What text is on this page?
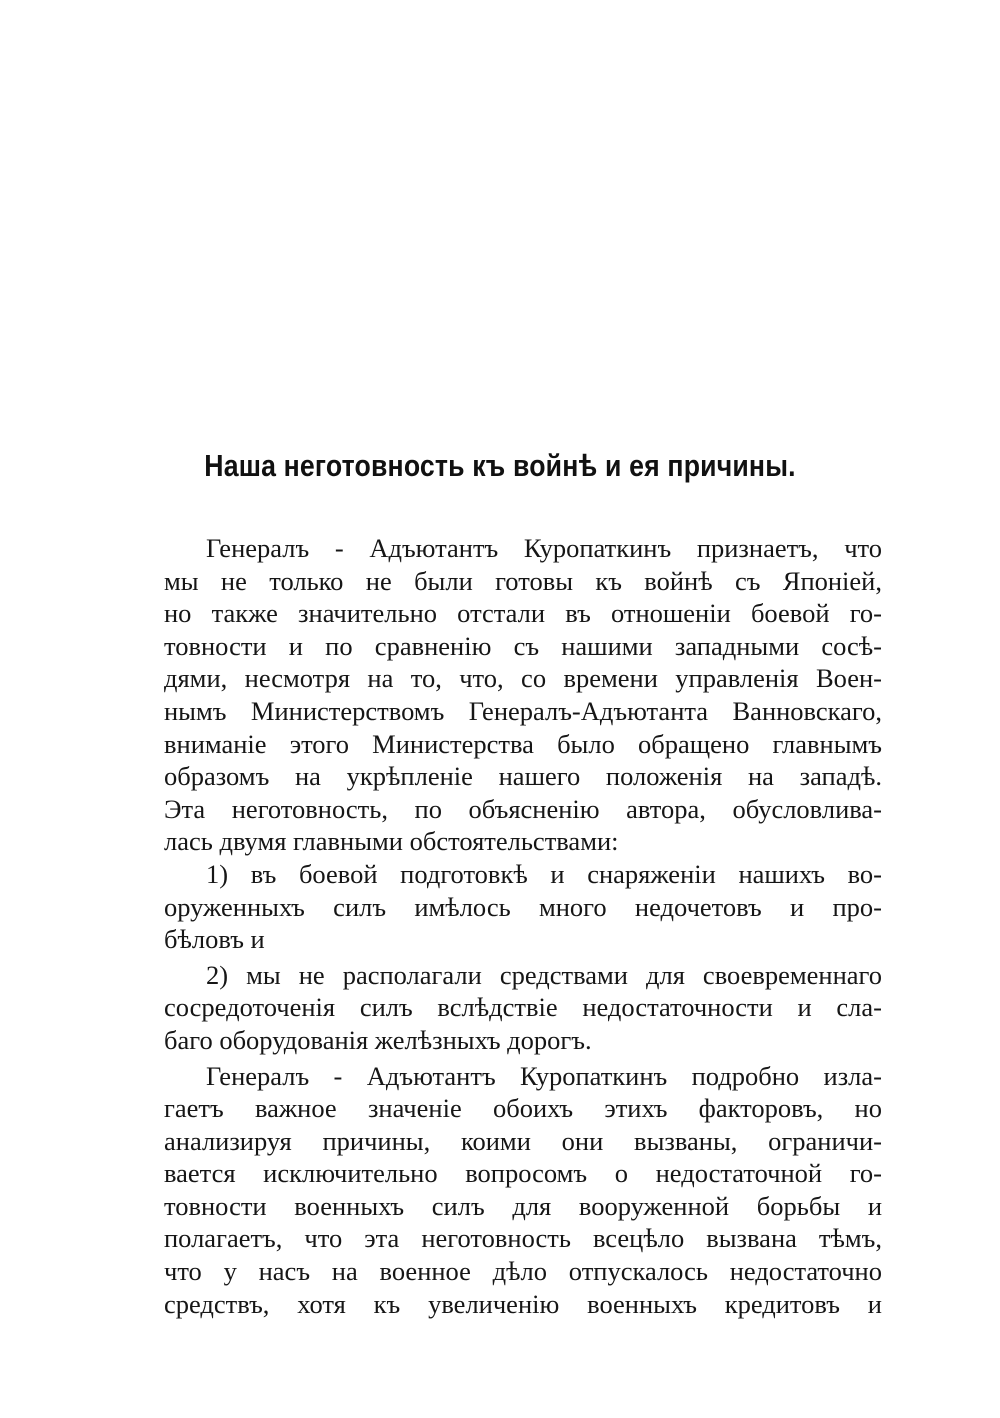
Наша неготовность къ войнѣ и ея причины.
Генералъ - Адъютантъ Куропаткинъ признаетъ, что
мы не только не были готовы къ войнѣ съ Японіей,
но также значительно отстали въ отношеніи боевой го-
товности и по сравненію съ нашими западными сосѣ-
дями, несмотря на то, что, со времени управленія Воен-
нымъ Министерствомъ Генералъ-Адъютанта Ванновскаго,
вниманіе этого Министерства было обращено главнымъ
образомъ на укрѣпленіе нашего положенія на западѣ.
Эта неготовность, по объясненію автора, обусловлива-
лась двумя главными обстоятельствами:
1) въ боевой подготовкѣ и снаряженіи нашихъ во-
оруженныхъ силъ имѣлось много недочетовъ и про-
бѣловъ и
2) мы не располагали средствами для своевременнаго
сосредоточенія силъ вслѣдствіе недостаточности и сла-
баго оборудованія желѣзныхъ дорогъ.
Генералъ - Адъютантъ Куропаткинъ подробно изла-
гаетъ важное значеніе обоихъ этихъ факторовъ, но
анализируя причины, коими они вызваны, ограничи-
вается исключительно вопросомъ о недостаточной го-
товности военныхъ силъ для вооруженной борьбы и
полагаетъ, что эта неготовность всецѣло вызвана тѣмъ,
что у насъ на военное дѣло отпускалось недостаточно
средствъ, хотя къ увеличенію военныхъ кредитовъ и
